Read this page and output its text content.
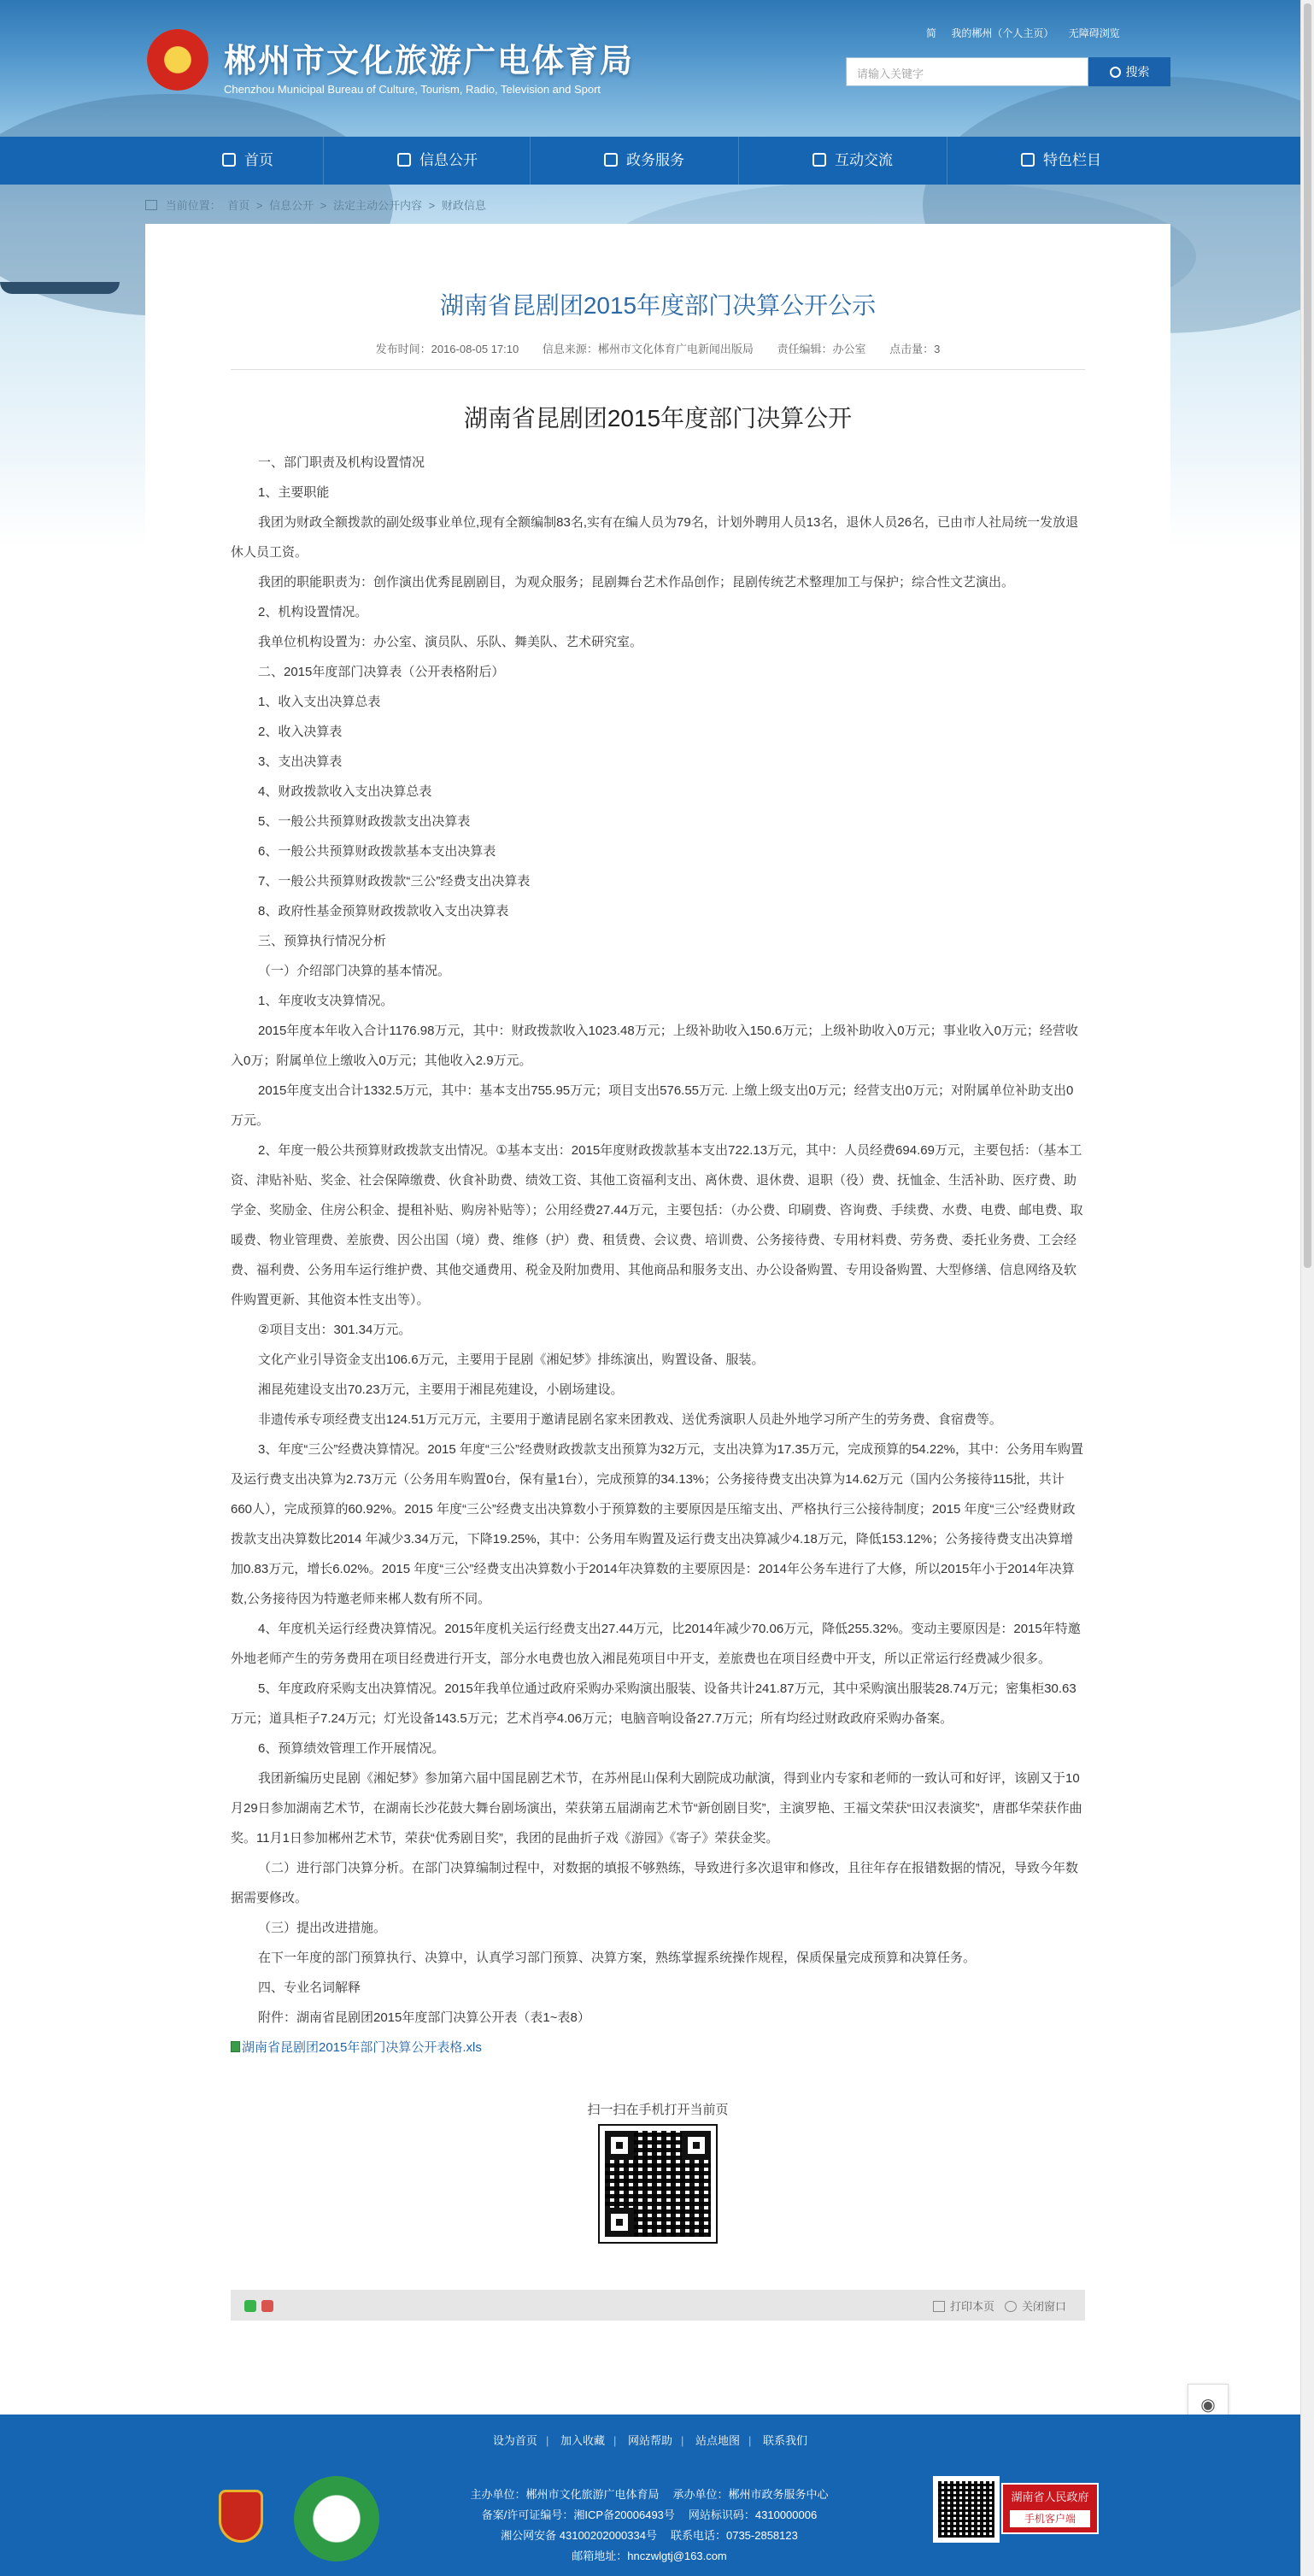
郴州市文化旅游广电体育局
Chenzhou Municipal Bureau of Culture, Tourism, Radio, Television and Sport
简 我的郴州（个人主页） 无障碍浏览
请输入关键字	搜索
首页	信息公开	政务服务	互动交流	特色栏目
当前位置： 首页 > 信息公开 > 法定主动公开内容 > 财政信息
湖南省昆剧团2015年度部门决算公开公示
发布时间：2016-08-05 17:10 信息来源：郴州市文化体育广电新闻出版局 责任编辑：办公室 点击量：3
湖南省昆剧团2015年度部门决算公开

一、部门职责及机构设置情况

1、主要职能

我团为财政全额拨款的副处级事业单位,现有全额编制83名,实有在编人员为79名，计划外聘用人员13名，退休人员26名，已由市人社局统一发放退休人员工资。

我团的职能职责为：创作演出优秀昆剧剧目，为观众服务；昆剧舞台艺术作品创作；昆剧传统艺术整理加工与保护；综合性文艺演出。

2、机构设置情况。

我单位机构设置为：办公室、演员队、乐队、舞美队、艺术研究室。

二、2015年度部门决算表（公开表格附后）

1、收入支出决算总表

2、收入决算表

3、支出决算表

4、财政拨款收入支出决算总表

5、一般公共预算财政拨款支出决算表

6、一般公共预算财政拨款基本支出决算表

7、一般公共预算财政拨款“三公”经费支出决算表

8、政府性基金预算财政拨款收入支出决算表

三、预算执行情况分析

（一）介绍部门决算的基本情况。

1、年度收支决算情况。

2015年度本年收入合计1176.98万元，其中：财政拨款收入1023.48万元；上级补助收入150.6万元；上级补助收入0万元；事业收入0万元；经营收入0万；附属单位上缴收入0万元；其他收入2.9万元。

2015年度支出合计1332.5万元，其中：基本支出755.95万元；项目支出576.55万元. 上缴上级支出0万元；经营支出0万元；对附属单位补助支出0万元。

2、年度一般公共预算财政拨款支出情况。①基本支出：2015年度财政拨款基本支出722.13万元，其中：人员经费694.69万元，主要包括：（基本工资、津贴补贴、奖金、社会保障缴费、伙食补助费、绩效工资、其他工资福利支出、离休费、退休费、退职（役）费、抚恤金、生活补助、医疗费、助学金、奖励金、住房公积金、提租补贴、购房补贴等）；公用经费27.44万元，主要包括：（办公费、印刷费、咨询费、手续费、水费、电费、邮电费、取暖费、物业管理费、差旅费、因公出国（境）费、维修（护）费、租赁费、会议费、培训费、公务接待费、专用材料费、劳务费、委托业务费、工会经费、福利费、公务用车运行维护费、其他交通费用、税金及附加费用、其他商品和服务支出、办公设备购置、专用设备购置、大型修缮、信息网络及软件购置更新、其他资本性支出等）。

②项目支出：301.34万元。

文化产业引导资金支出106.6万元，主要用于昆剧《湘妃梦》排练演出，购置设备、服装。

湘昆苑建设支出70.23万元，主要用于湘昆苑建设，小剧场建设。

非遗传承专项经费支出124.51万元万元，主要用于邀请昆剧名家来团教戏、送优秀演职人员赴外地学习所产生的劳务费、食宿费等。

3、年度“三公”经费决算情况。2015 年度“三公”经费财政拨款支出预算为32万元，支出决算为17.35万元，完成预算的54.22%，其中：公务用车购置及运行费支出决算为2.73万元（公务用车购置0台，保有量1台），完成预算的34.13%；公务接待费支出决算为14.62万元（国内公务接待115批，共计660人），完成预算的60.92%。2015 年度“三公”经费支出决算数小于预算数的主要原因是压缩支出、严格执行三公接待制度；2015 年度“三公”经费财政拨款支出决算数比2014 年减少3.34万元，下降19.25%，其中：公务用车购置及运行费支出决算减少4.18万元，降低153.12%；公务接待费支出决算增加0.83万元，增长6.02%。2015 年度“三公”经费支出决算数小于2014年决算数的主要原因是：2014年公务车进行了大修，所以2015年小于2014年决算数,公务接待因为特邀老师来郴人数有所不同。

4、年度机关运行经费决算情况。2015年度机关运行经费支出27.44万元，比2014年减少70.06万元，降低255.32%。变动主要原因是：2015年特邀外地老师产生的劳务费用在项目经费进行开支，部分水电费也放入湘昆苑项目中开支，差旅费也在项目经费中开支，所以正常运行经费减少很多。

5、年度政府采购支出决算情况。2015年我单位通过政府采购办采购演出服装、设备共计241.87万元，其中采购演出服装28.74万元；密集柜30.63万元；道具柜子7.24万元；灯光设备143.5万元；艺术肖亭4.06万元；电脑音响设备27.7万元；所有均经过财政政府采购办备案。

6、预算绩效管理工作开展情况。

我团新编历史昆剧《湘妃梦》参加第六届中国昆剧艺术节，在苏州昆山保利大剧院成功献演，得到业内专家和老师的一致认可和好评，该剧又于10月29日参加湖南艺术节，在湖南长沙花鼓大舞台剧场演出，荣获第五届湖南艺术节“新创剧目奖”，主演罗艳、王福文荣获“田汉表演奖”，唐郡华荣获作曲奖。11月1日参加郴州艺术节，荣获“优秀剧目奖”，我团的昆曲折子戏《游园》《寄子》荣获金奖。

（二）进行部门决算分析。在部门决算编制过程中，对数据的填报不够熟练，导致进行多次退审和修改，且往年存在报错数据的情况，导致今年数据需要修改。

（三）提出改进措施。

在下一年度的部门预算执行、决算中，认真学习部门预算、决算方案，熟练掌握系统操作规程，保质保量完成预算和决算任务。

四、专业名词解释

附件：湖南省昆剧团2015年度部门决算公开表（表1~表8）

湖南省昆剧团2015年部门决算公开表格.xls

扫一扫在手机打开当前页
打印本页	关闭窗口
◉
设为首页 | 加入收藏 | 网站帮助 | 站点地图 | 联系我们
主办单位：郴州市文化旅游广电体育局 承办单位：郴州市政务服务中心
备案/许可证编号：湘ICP备20006493号 网站标识码：4310000006
湘公网安备 43100202000334号 联系电话：0735-2858123
邮箱地址：hnczwlgtj@163.com
湖南省人民政府
手机客户端
